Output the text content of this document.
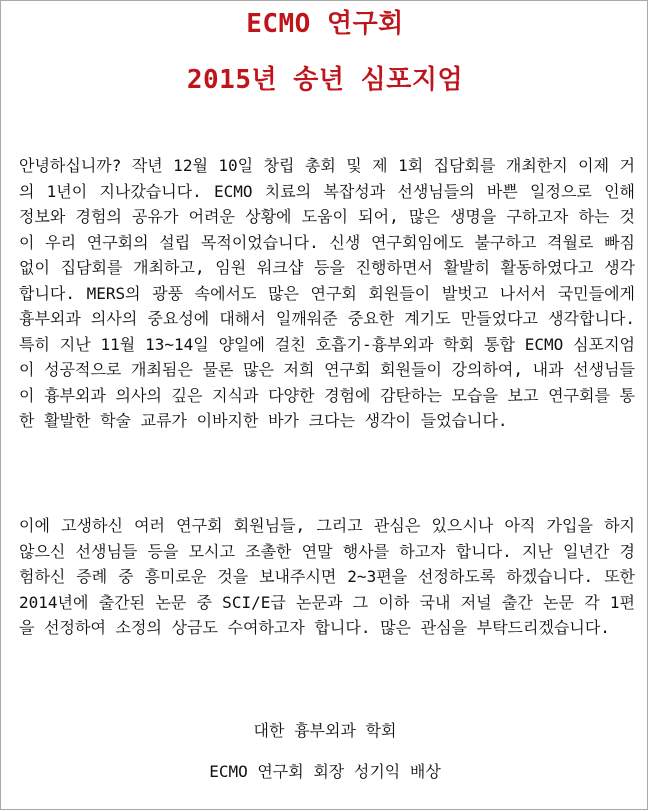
ECMO 연구회
2015년 송년 심포지엄

안녕하십니까? 작년 12월 10일 창립 총회 및 제 1회 집담회를 개최한지 이제 거의 1년이 지나갔습니다. ECMO 치료의 복잡성과 선생님들의 바쁜 일정으로 인해 정보와 경험의 공유가 어려운 상황에 도움이 되어, 많은 생명을 구하고자 하는 것이 우리 연구회의 설립 목적이었습니다. 신생 연구회임에도 불구하고 격월로 빠짐없이 집담회를 개최하고, 임원 워크샵 등을 진행하면서 활발히 활동하였다고 생각합니다. MERS의 광풍 속에서도 많은 연구회 회원들이 발벗고 나서서 국민들에게 흉부외과 의사의 중요성에 대해서 일깨워준 중요한 계기도 만들었다고 생각합니다. 특히 지난 11월 13~14일 양일에 걸친 호흡기-흉부외과 학회 통합 ECMO 심포지엄이 성공적으로 개최됨은 물론 많은 저희 연구회 회원들이 강의하여, 내과 선생님들이 흉부외과 의사의 깊은 지식과 다양한 경험에 감탄하는 모습을 보고 연구회를 통한 활발한 학술 교류가 이바지한 바가 크다는 생각이 들었습니다.

이에 고생하신 여러 연구회 회원님들, 그리고 관심은 있으시나 아직 가입을 하지 않으신 선생님들 등을 모시고 조촐한 연말 행사를 하고자 합니다. 지난 일년간 경험하신 증례 중 흥미로운 것을 보내주시면 2~3편을 선정하도록 하겠습니다. 또한 2014년에 출간된 논문 중 SCI/E급 논문과 그 이하 국내 저널 출간 논문 각 1편을 선정하여 소정의 상금도 수여하고자 합니다. 많은 관심을 부탁드리겠습니다.

대한 흉부외과 학회

ECMO 연구회 회장 성기익 배상
